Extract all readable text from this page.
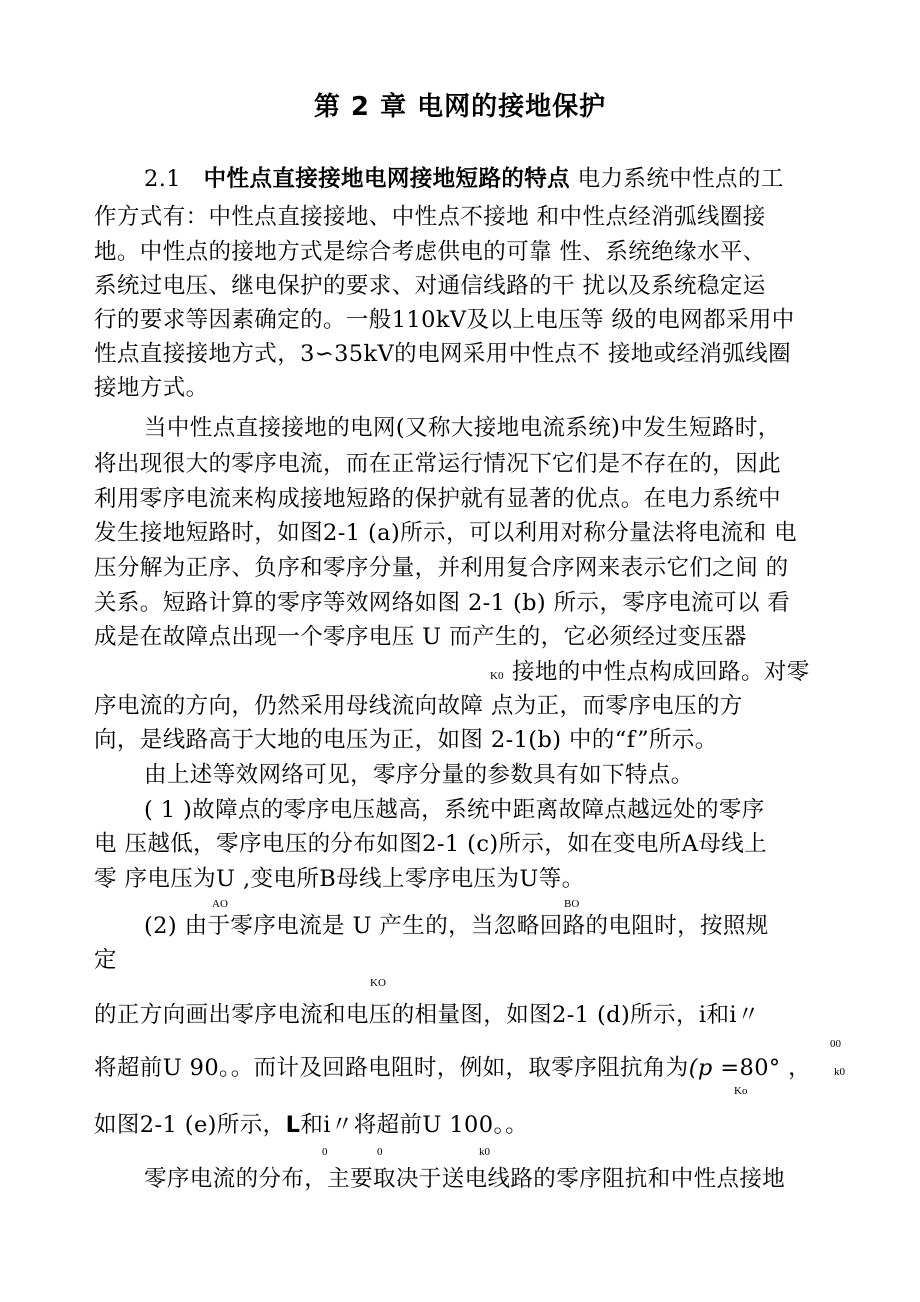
第 2 章 电网的接地保护
2.1 中性点直接接地电网接地短路的特点 电力系统中性点的工
作方式有：中性点直接接地、中性点不接地 和中性点经消弧线圈接
地。中性点的接地方式是综合考虑供电的可靠 性、系统绝缘水平、
系统过电压、继电保护的要求、对通信线路的干 扰以及系统稳定运
行的要求等因素确定的。一般110kV及以上电压等 级的电网都采用中
性点直接接地方式，3∽35kV的电网采用中性点不 接地或经消弧线圈
接地方式。
当中性点直接接地的电网(又称大接地电流系统)中发生短路时，
将出现很大的零序电流，而在正常运行情况下它们是不存在的，因此
利用零序电流来构成接地短路的保护就有显著的优点。在电力系统中
发生接地短路时，如图2-1 (a)所示，可以利用对称分量法将电流和 电
压分解为正序、负序和零序分量，并利用复合序网来表示它们之间 的
关系。短路计算的零序等效网络如图 2-1 (b) 所示，零序电流可以 看
成是在故障点出现一个零序电压 U 而产生的，它必须经过变压器
K0 接地的中性点构成回路。对零
序电流的方向，仍然采用母线流向故障 点为正，而零序电压的方
向，是线路高于大地的电压为正，如图 2-1(b) 中的“f”所示。
由上述等效网络可见，零序分量的参数具有如下特点。
( 1 )故障点的零序电压越高，系统中距离故障点越远处的零序
电 压越低，零序电压的分布如图2-1 (c)所示，如在变电所A母线上
零 序电压为U ,变电所B母线上零序电压为U等。
AO	BO
(2) 由于零序电流是 U 产生的，当忽略回路的电阻时，按照规
定
KO
的正方向画出零序电流和电压的相量图，如图2-1 (d)所示，i和i〃
00
将超前U 90。。而计及回路电阻时，例如，取零序阻抗角为(p =80° ， k0
Ko
如图2-1 (e)所示，L和i〃将超前U 100。。
0	0	k0
零序电流的分布，主要取决于送电线路的零序阻抗和中性点接地
